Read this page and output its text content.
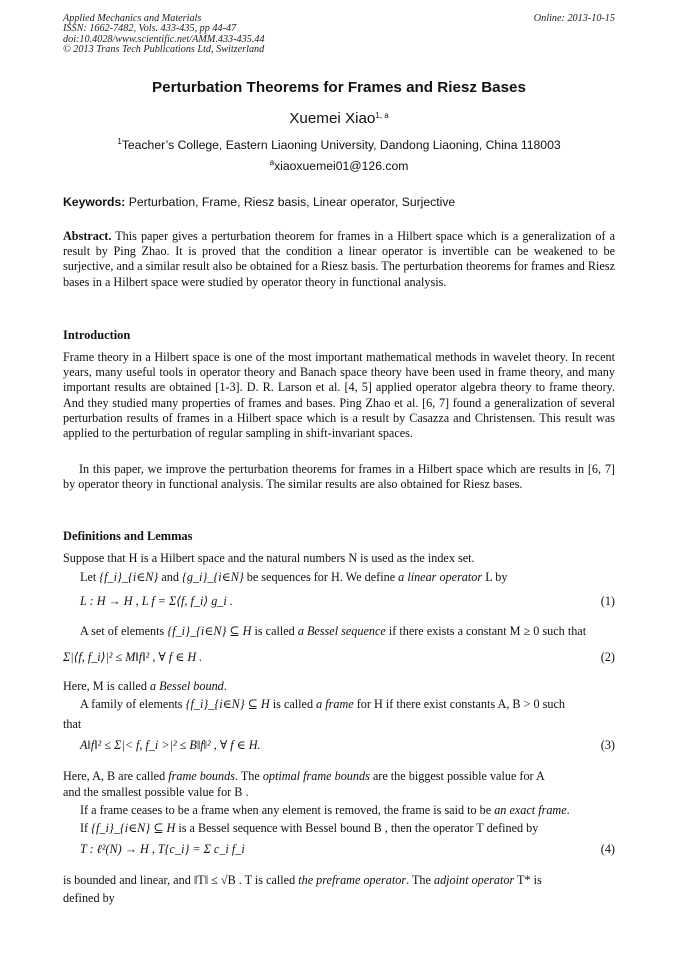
Applied Mechanics and Materials
ISSN: 1662-7482, Vols. 433-435, pp 44-47
doi:10.4028/www.scientific.net/AMM.433-435.44
© 2013 Trans Tech Publications Ltd, Switzerland
Online: 2013-10-15
Perturbation Theorems for Frames and Riesz Bases
Xuemei Xiao$^{1, a}$
$^1$Teacher’s College, Eastern Liaoning University, Dandong Liaoning, China 118003
$^a$xiaoxuemei01@126.com
Keywords: Perturbation, Frame, Riesz basis, Linear operator, Surjective

Abstract. This paper gives a perturbation theorem for frames in a Hilbert space which is a generalization of a result by Ping Zhao. It is proved that the condition a linear operator is invertible can be weakened to be surjective, and a similar result also be obtained for a Riesz basis. The perturbation theorems for frames and Riesz bases in a Hilbert space were studied by operator theory in functional analysis.

Introduction

Frame theory in a Hilbert space is one of the most important mathematical methods in wavelet theory. In recent years, many useful tools in operator theory and Banach space theory have been used in frame theory, and many important results are obtained [1-3]. D. R. Larson et al. [4, 5] applied operator algebra theory to frame theory. And they studied many properties of frames and bases. Ping Zhao et al. [6, 7] found a generalization of several perturbation results of frames in a Hilbert space which is a result by Casazza and Christensen. This result was applied to the perturbation of regular sampling in shift-invariant spaces.

In this paper, we improve the perturbation theorems for frames in a Hilbert space which are results in [6, 7] by operator theory in functional analysis. The similar results are also obtained for Riesz bases.

Definitions and Lemmas
Suppose that H is a Hilbert space and the natural numbers N is used as the index set.
Let {f_i}_{i∈N} and {g_i}_{i∈N} be sequences for H. We define a linear operator L by
L : H → H , L f = Σ⟨f, f_i⟩ g_i .	(1)
A set of elements {f_i}_{i∈N} ⊆ H is called a Bessel sequence if there exists a constant M ≥ 0 such that
Σ|⟨f, f_i⟩|² ≤ M‖f‖² , ∀ f ∈ H .	(2)
Here, M is called a Bessel bound.
A family of elements {f_i}_{i∈N} ⊆ H is called a frame for H if there exist constants A, B > 0 such
that
A‖f‖² ≤ Σ|< f, f_i >|² ≤ B‖f‖² , ∀ f ∈ H.	(3)
Here, A, B are called frame bounds. The optimal frame bounds are the biggest possible value for A
and the smallest possible value for B .
If a frame ceases to be a frame when any element is removed, the frame is said to be an exact frame.
If {f_i}_{i∈N} ⊆ H is a Bessel sequence with Bessel bound B , then the operator T defined by
T : ℓ²(N) → H , T{c_i} = Σ c_i f_i	(4)
is bounded and linear, and ‖T‖ ≤ √B . T is called the preframe operator. The adjoint operator T* is
defined by
